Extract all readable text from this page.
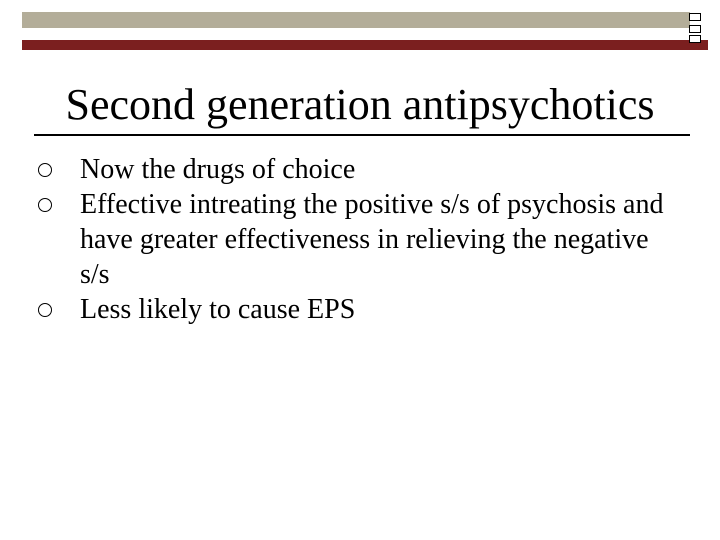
Second generation antipsychotics
Now the drugs of choice
Effective intreating the positive s/s of psychosis and have greater effectiveness in relieving the negative s/s
Less likely to cause EPS
